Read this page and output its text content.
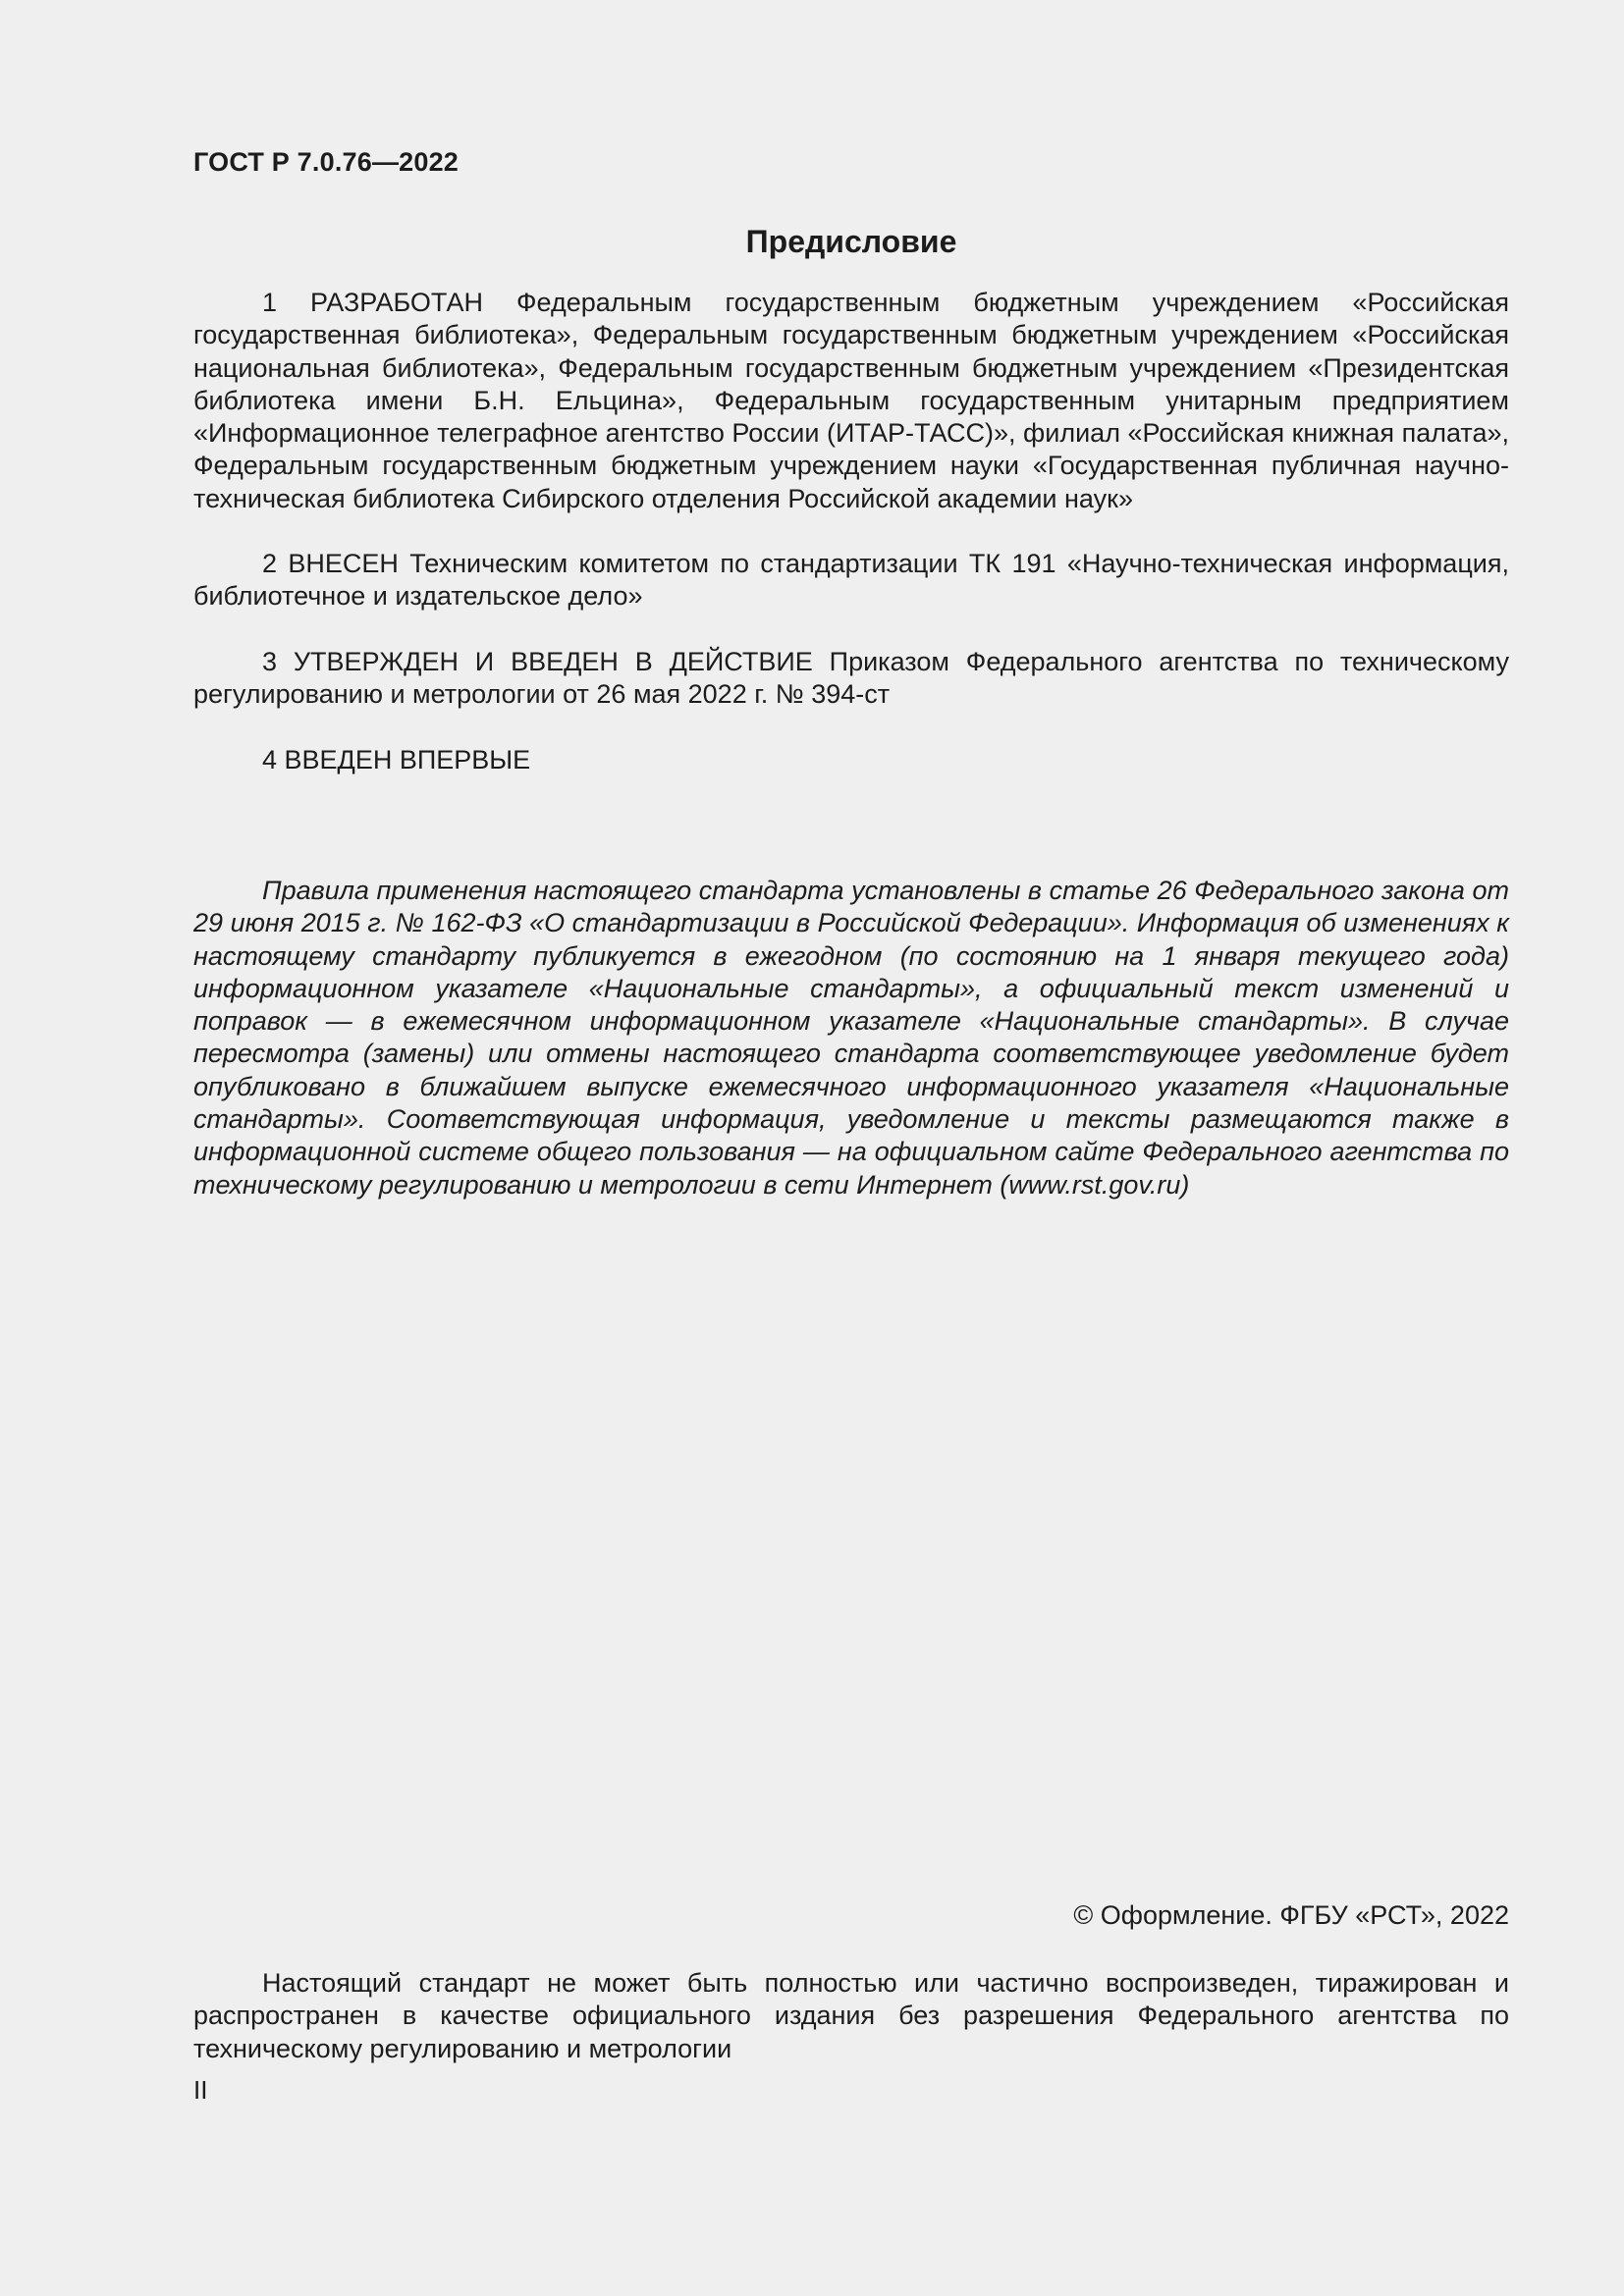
ГОСТ Р 7.0.76—2022
Предисловие

1 РАЗРАБОТАН Федеральным государственным бюджетным учреждением «Российская государственная библиотека», Федеральным государственным бюджетным учреждением «Российская национальная библиотека», Федеральным государственным бюджетным учреждением «Президентская библиотека имени Б.Н. Ельцина», Федеральным государственным унитарным предприятием «Информационное телеграфное агентство России (ИТАР-ТАСС)», филиал «Российская книжная палата», Федеральным государственным бюджетным учреждением науки «Государственная публичная научно-техническая библиотека Сибирского отделения Российской академии наук»

2 ВНЕСЕН Техническим комитетом по стандартизации ТК 191 «Научно-техническая информация, библиотечное и издательское дело»

3 УТВЕРЖДЕН И ВВЕДЕН В ДЕЙСТВИЕ Приказом Федерального агентства по техническому регулированию и метрологии от 26 мая 2022 г. № 394-ст

4 ВВЕДЕН ВПЕРВЫЕ

Правила применения настоящего стандарта установлены в статье 26 Федерального закона от 29 июня 2015 г. № 162-ФЗ «О стандартизации в Российской Федерации». Информация об изменениях к настоящему стандарту публикуется в ежегодном (по состоянию на 1 января текущего года) информационном указателе «Национальные стандарты», а официальный текст изменений и поправок — в ежемесячном информационном указателе «Национальные стандарты». В случае пересмотра (замены) или отмены настоящего стандарта соответствующее уведомление будет опубликовано в ближайшем выпуске ежемесячного информационного указателя «Национальные стандарты». Соответствующая информация, уведомление и тексты размещаются также в информационной системе общего пользования — на официальном сайте Федерального агентства по техническому регулированию и метрологии в сети Интернет (www.rst.gov.ru)

© Оформление. ФГБУ «РСТ», 2022

Настоящий стандарт не может быть полностью или частично воспроизведен, тиражирован и распространен в качестве официального издания без разрешения Федерального агентства по техническому регулированию и метрологии

II
